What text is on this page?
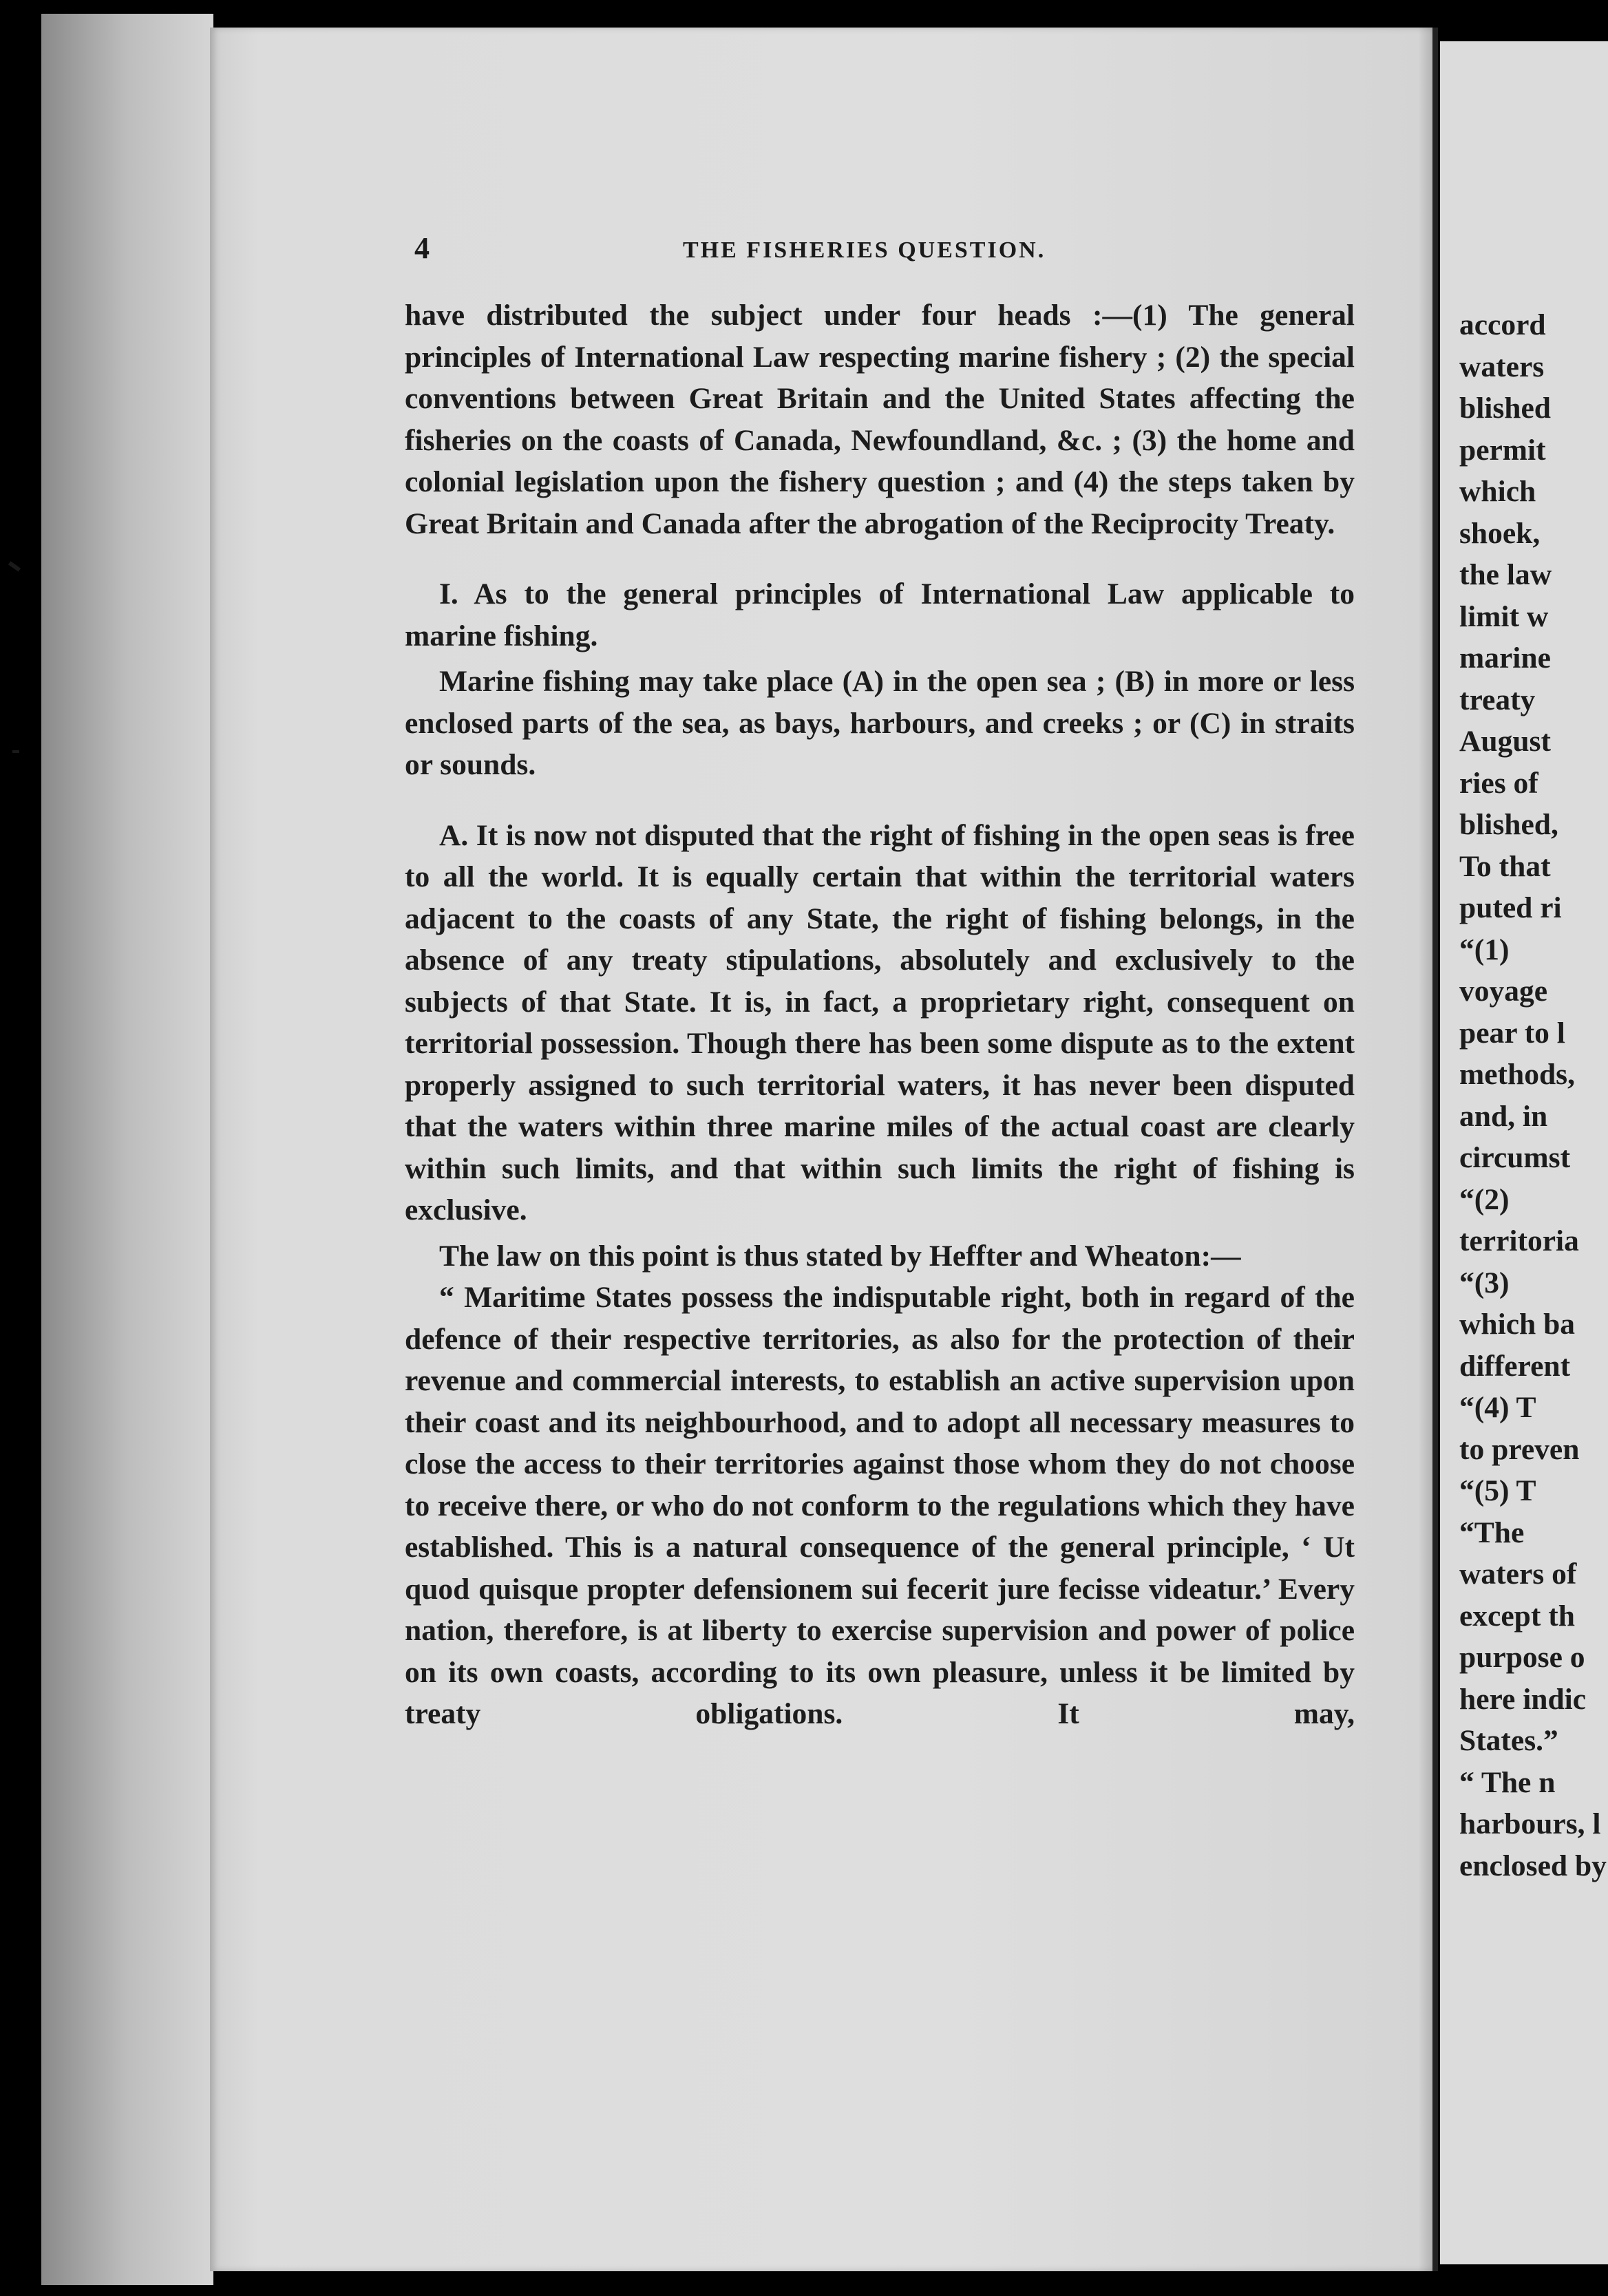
accord

waters

blished

permit

which

shoek,

the law

limit w

marine

treaty

August

ries of

blished,

To that

puted ri

“(1)

voyage

pear to l

methods,

and, in

circumst

“(2)

territoria

“(3)

which ba

different

“(4) T

to preven

“(5) T

“The

waters of

except th

purpose o

here indic

States.”

“ The n

harbours, l

enclosed by

4	THE FISHERIES QUESTION.

have distributed the subject under four heads :—(1) The general principles of International Law respecting marine fishery ; (2) the special conventions between Great Britain and the United States affecting the fisheries on the coasts of Canada, Newfoundland, &c. ; (3) the home and colonial legislation upon the fishery question ; and (4) the steps taken by Great Britain and Canada after the abrogation of the Reciprocity Treaty.

I. As to the general principles of International Law applicable to marine fishing.

Marine fishing may take place (A) in the open sea ; (B) in more or less enclosed parts of the sea, as bays, harbours, and creeks ; or (C) in straits or sounds.

A. It is now not disputed that the right of fishing in the open seas is free to all the world. It is equally certain that within the territorial waters adjacent to the coasts of any State, the right of fishing belongs, in the absence of any treaty stipulations, absolutely and exclusively to the subjects of that State. It is, in fact, a proprietary right, consequent on territorial possession. Though there has been some dispute as to the extent properly assigned to such territorial waters, it has never been disputed that the waters within three marine miles of the actual coast are clearly within such limits, and that within such limits the right of fishing is exclusive.

The law on this point is thus stated by Heffter and Wheaton:—

“ Maritime States possess the indisputable right, both in regard of the defence of their respective territories, as also for the protection of their revenue and commercial interests, to establish an active supervision upon their coast and its neighbourhood, and to adopt all necessary measures to close the access to their territories against those whom they do not choose to receive there, or who do not conform to the regulations which they have established. This is a natural consequence of the general principle, ‘ Ut quod quisque propter defensionem sui fecerit jure fecisse videatur.’ Every nation, therefore, is at liberty to exercise supervision and power of police on its own coasts, according to its own pleasure, unless it be limited by treaty obligations. It may,
